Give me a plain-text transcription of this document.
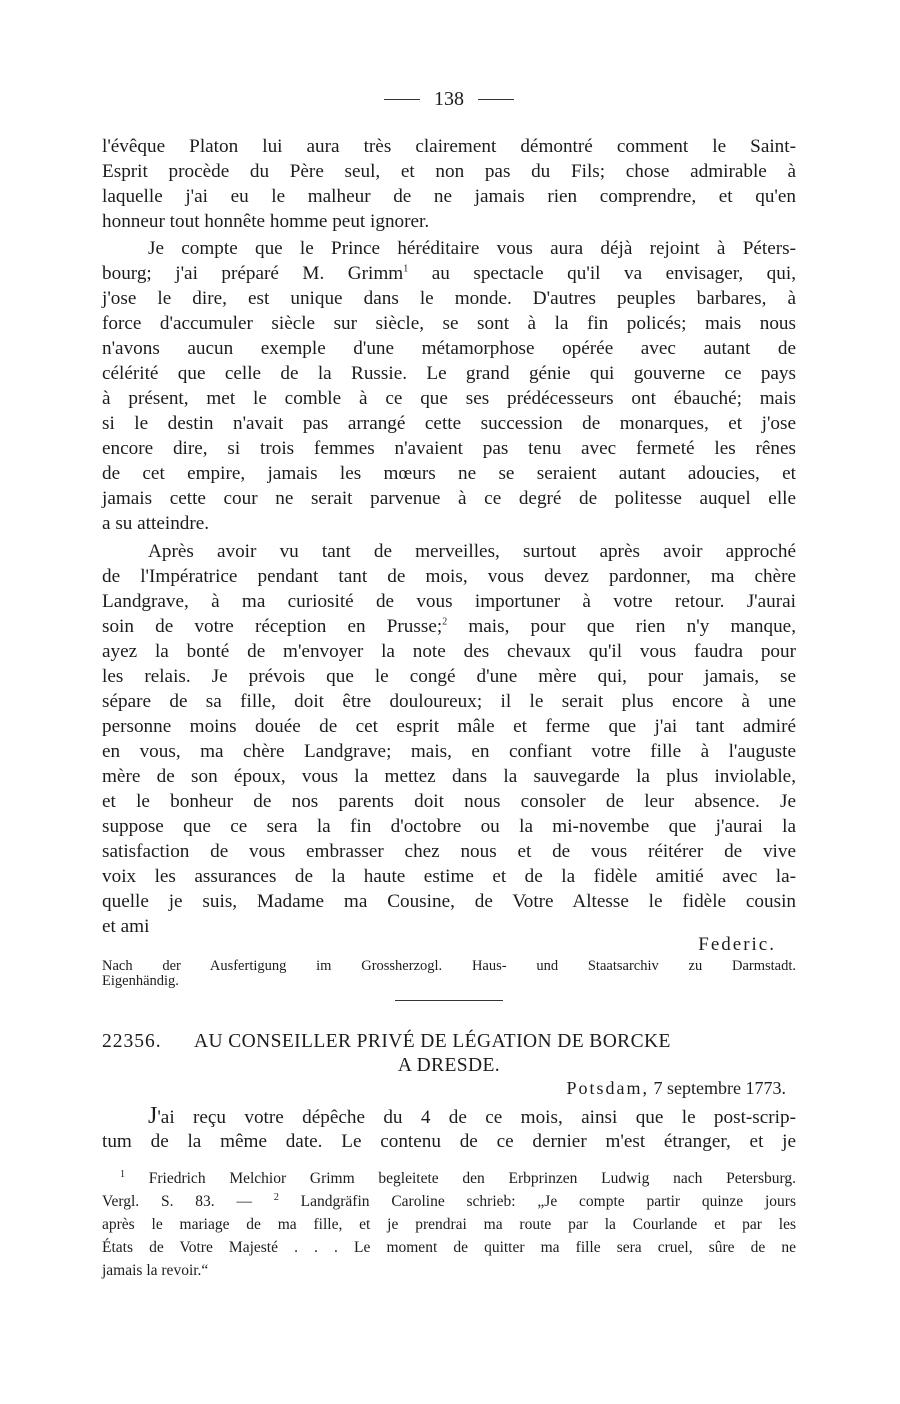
138
l'évêque Platon lui aura très clairement démontré comment le Saint-
Esprit procède du Père seul, et non pas du Fils; chose admirable à
laquelle j'ai eu le malheur de ne jamais rien comprendre, et qu'en
honneur tout honnête homme peut ignorer.
Je compte que le Prince héréditaire vous aura déjà rejoint à Péters-
bourg; j'ai préparé M. Grimm$^1$ au spectacle qu'il va envisager, qui,
j'ose le dire, est unique dans le monde. D'autres peuples barbares, à
force d'accumuler siècle sur siècle, se sont à la fin policés; mais nous
n'avons aucun exemple d'une métamorphose opérée avec autant de
célérité que celle de la Russie. Le grand génie qui gouverne ce pays
à présent, met le comble à ce que ses prédécesseurs ont ébauché; mais
si le destin n'avait pas arrangé cette succession de monarques, et j'ose
encore dire, si trois femmes n'avaient pas tenu avec fermeté les rênes
de cet empire, jamais les mœurs ne se seraient autant adoucies, et
jamais cette cour ne serait parvenue à ce degré de politesse auquel elle
a su atteindre.
Après avoir vu tant de merveilles, surtout après avoir approché
de l'Impératrice pendant tant de mois, vous devez pardonner, ma chère
Landgrave, à ma curiosité de vous importuner à votre retour. J'aurai
soin de votre réception en Prusse;$^2$ mais, pour que rien n'y manque,
ayez la bonté de m'envoyer la note des chevaux qu'il vous faudra pour
les relais. Je prévois que le congé d'une mère qui, pour jamais, se
sépare de sa fille, doit être douloureux; il le serait plus encore à une
personne moins douée de cet esprit mâle et ferme que j'ai tant admiré
en vous, ma chère Landgrave; mais, en confiant votre fille à l'auguste
mère de son époux, vous la mettez dans la sauvegarde la plus inviolable,
et le bonheur de nos parents doit nous consoler de leur absence. Je
suppose que ce sera la fin d'octobre ou la mi-novembe que j'aurai la
satisfaction de vous embrasser chez nous et de vous réitérer de vive
voix les assurances de la haute estime et de la fidèle amitié avec la-
quelle je suis, Madame ma Cousine, de Votre Altesse le fidèle cousin
et ami
Federic.
Nach der Ausfertigung im Grossherzogl. Haus- und Staatsarchiv zu Darmstadt.
Eigenhändig.
22356. AU CONSEILLER PRIVÉ DE LÉGATION DE BORCKE
A DRESDE.
Potsdam, 7 septembre 1773.
J'ai reçu votre dépêche du 4 de ce mois, ainsi que le post-scrip-
tum de la même date. Le contenu de ce dernier m'est étranger, et je
$^1$ Friedrich Melchior Grimm begleitete den Erbprinzen Ludwig nach Petersburg.
Vergl. S. 83. — $^2$ Landgräfin Caroline schrieb: „Je compte partir quinze jours
après le mariage de ma fille, et je prendrai ma route par la Courlande et par les
États de Votre Majesté . . . Le moment de quitter ma fille sera cruel, sûre de ne
jamais la revoir.“
